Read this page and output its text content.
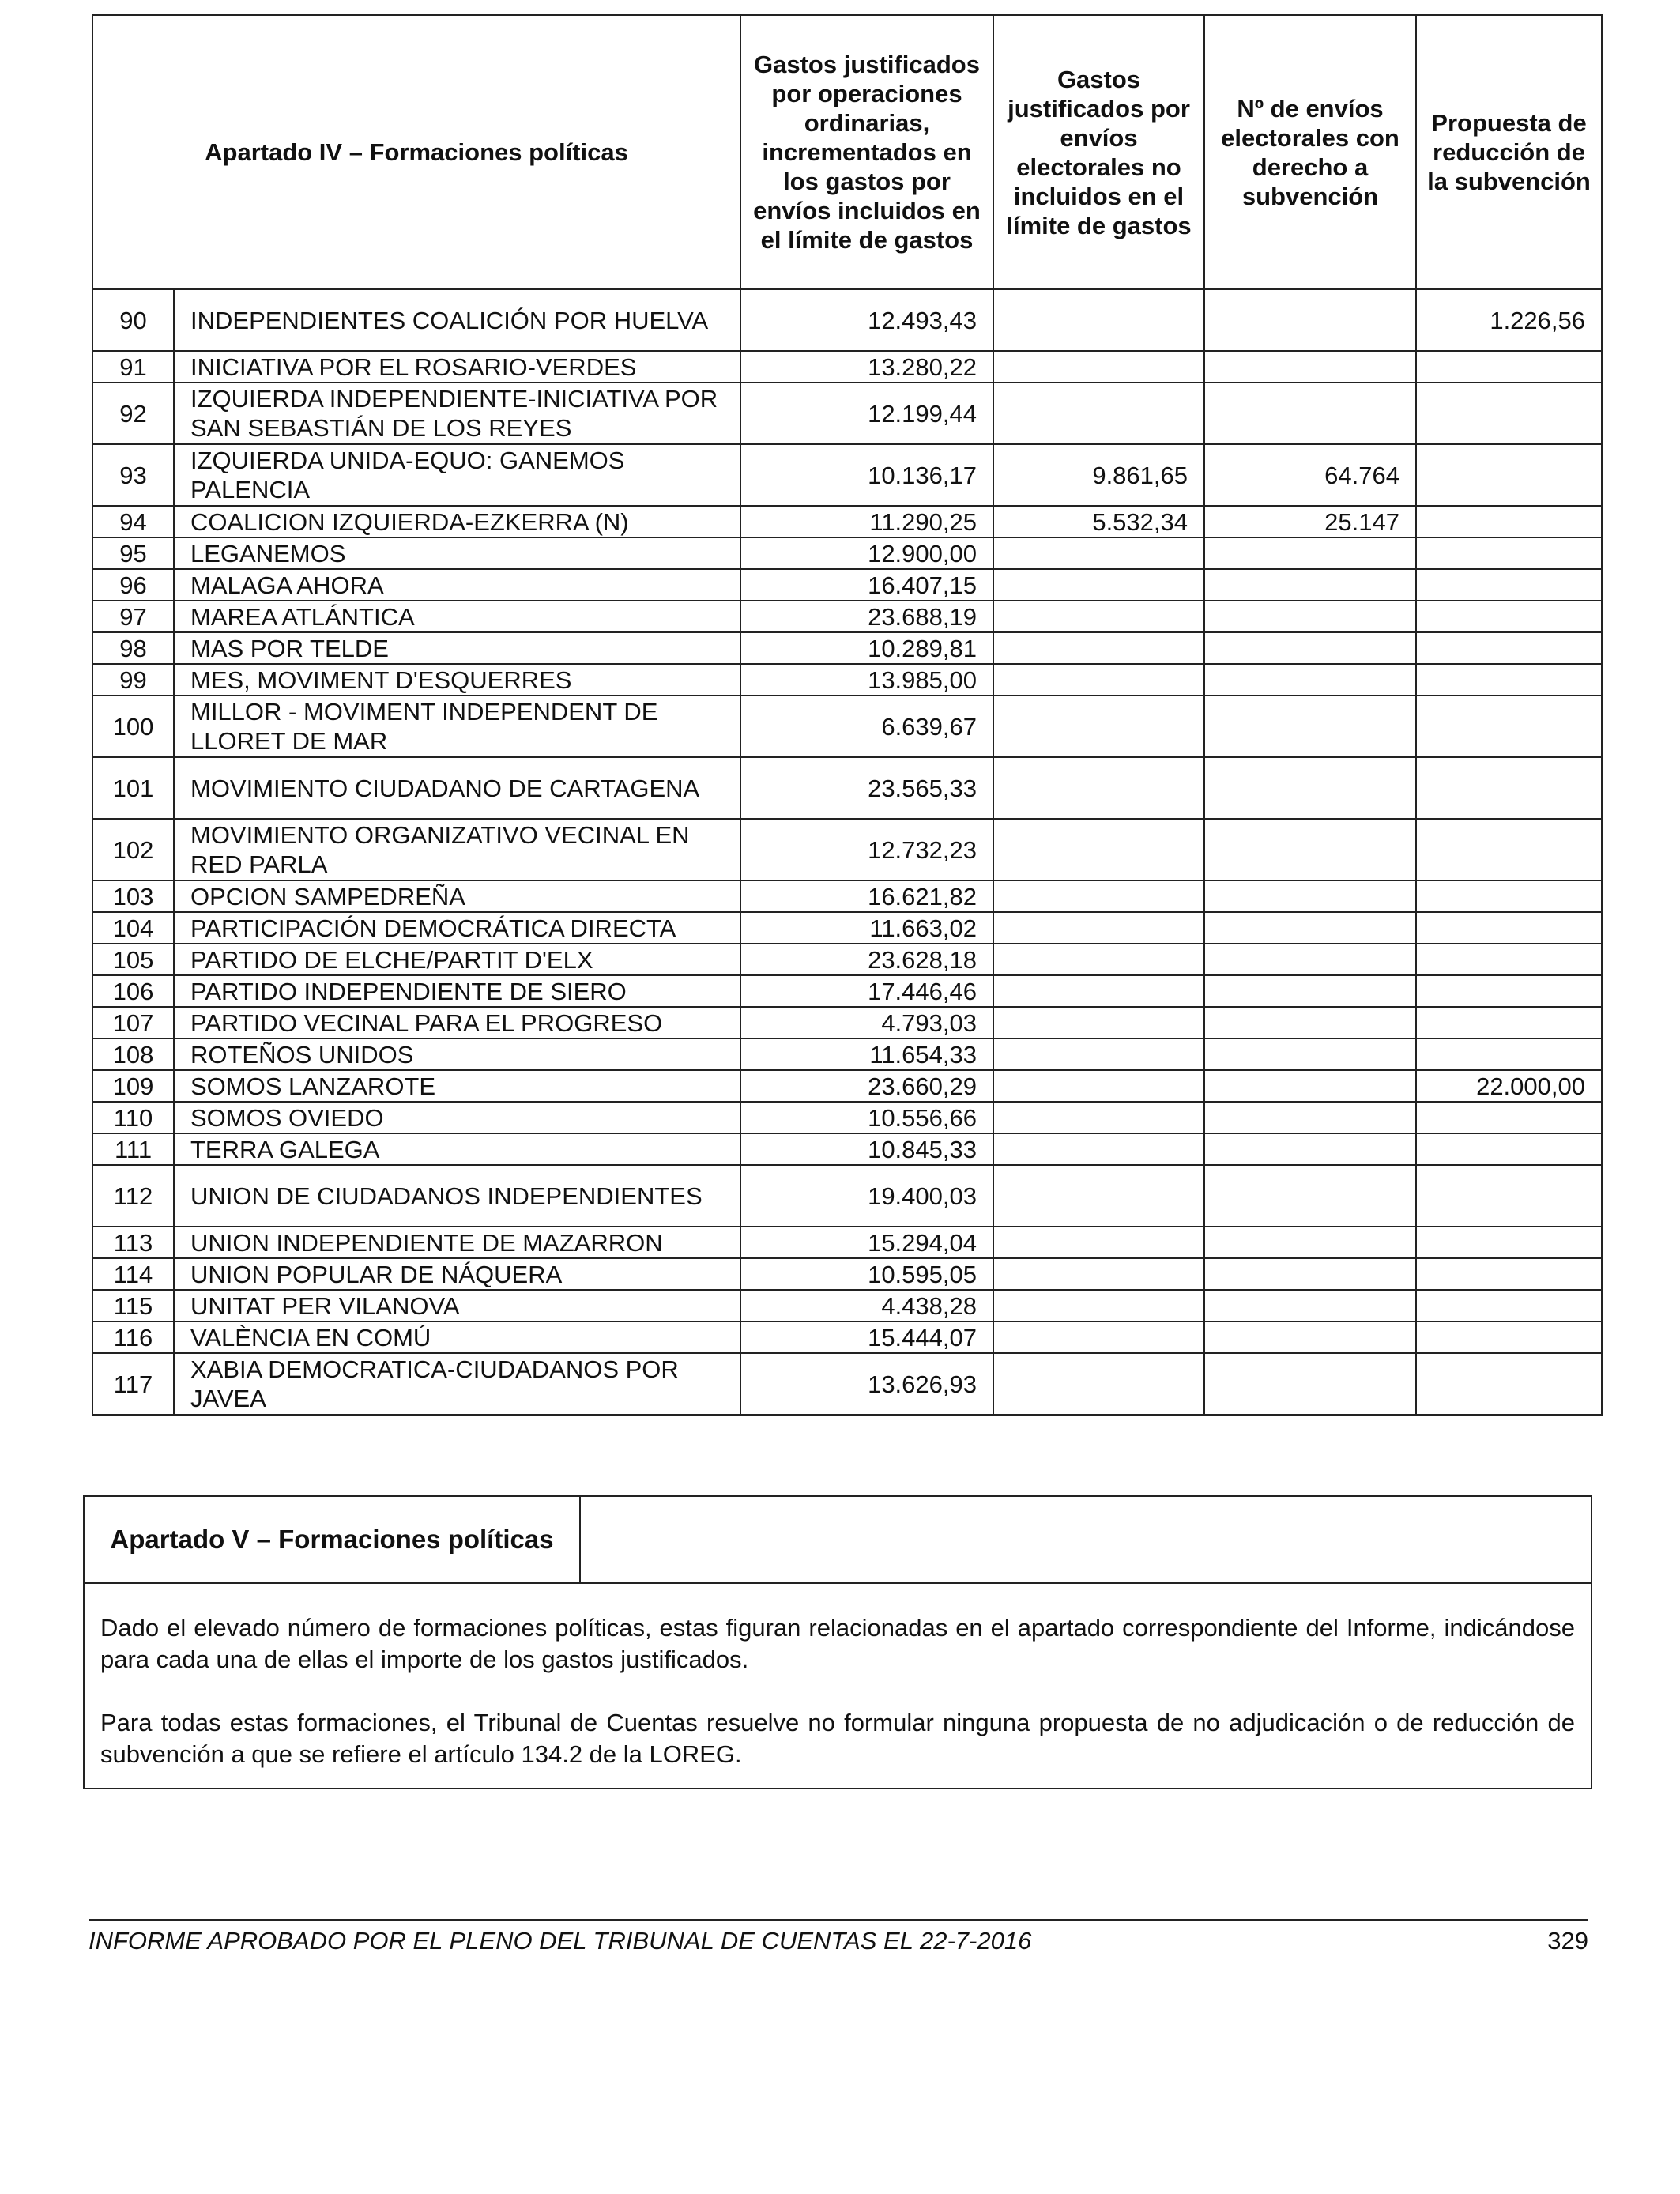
Apartado IV – Formaciones políticas		Gastos justificados por operaciones ordinarias, incrementados en los gastos por envíos incluidos en el límite de gastos	Gastos justificados por envíos electorales no incluidos en el límite de gastos	Nº de envíos electorales con derecho a subvención	Propuesta de reducción de la subvención
90	INDEPENDIENTES COALICIÓN POR HUELVA	12.493,43			1.226,56
91	INICIATIVA POR EL ROSARIO-VERDES	13.280,22			
92	IZQUIERDA INDEPENDIENTE-INICIATIVA POR SAN SEBASTIÁN DE LOS REYES	12.199,44			
93	IZQUIERDA UNIDA-EQUO: GANEMOS PALENCIA	10.136,17	9.861,65	64.764	
94	COALICION IZQUIERDA-EZKERRA (N)	11.290,25	5.532,34	25.147	
95	LEGANEMOS	12.900,00			
96	MALAGA AHORA	16.407,15			
97	MAREA ATLÁNTICA	23.688,19			
98	MAS POR TELDE	10.289,81			
99	MES, MOVIMENT D'ESQUERRES	13.985,00			
100	MILLOR - MOVIMENT INDEPENDENT DE LLORET DE MAR	6.639,67			
101	MOVIMIENTO CIUDADANO DE CARTAGENA	23.565,33			
102	MOVIMIENTO ORGANIZATIVO VECINAL EN RED PARLA	12.732,23			
103	OPCION SAMPEDREÑA	16.621,82			
104	PARTICIPACIÓN DEMOCRÁTICA DIRECTA	11.663,02			
105	PARTIDO DE ELCHE/PARTIT D'ELX	23.628,18			
106	PARTIDO INDEPENDIENTE DE SIERO	17.446,46			
107	PARTIDO VECINAL PARA EL PROGRESO	4.793,03			
108	ROTEÑOS UNIDOS	11.654,33			
109	SOMOS LANZAROTE	23.660,29			22.000,00
110	SOMOS OVIEDO	10.556,66			
111	TERRA GALEGA	10.845,33			
112	UNION DE CIUDADANOS INDEPENDIENTES	19.400,03			
113	UNION INDEPENDIENTE DE MAZARRON	15.294,04			
114	UNION POPULAR DE NÁQUERA	10.595,05			
115	UNITAT PER VILANOVA	4.438,28			
116	VALÈNCIA EN COMÚ	15.444,07			
117	XABIA DEMOCRATICA-CIUDADANOS POR JAVEA	13.626,93			
Apartado V – Formaciones políticas

Dado el elevado número de formaciones políticas, estas figuran relacionadas en el apartado correspondiente del Informe, indicándose para cada una de ellas el importe de los gastos justificados.

Para todas estas formaciones, el Tribunal de Cuentas resuelve no formular ninguna propuesta de no adjudicación o de reducción de subvención a que se refiere el artículo 134.2 de la LOREG.

INFORME APROBADO POR EL PLENO DEL TRIBUNAL DE CUENTAS EL 22-7-2016	329
